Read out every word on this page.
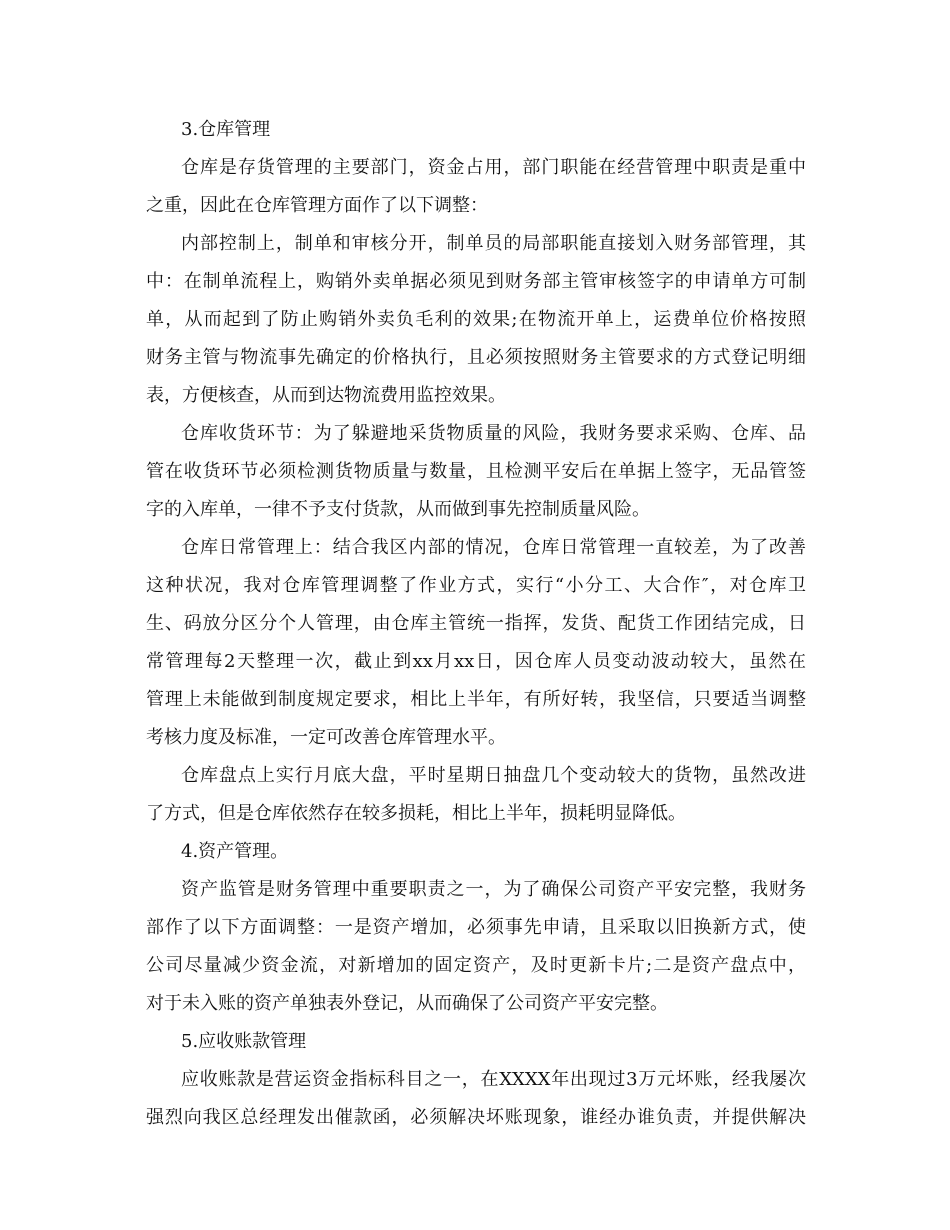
3.仓库管理
仓库是存货管理的主要部门，资金占用，部门职能在经营管理中职责是重中
之重，因此在仓库管理方面作了以下调整：
内部控制上，制单和审核分开，制单员的局部职能直接划入财务部管理，其
中：在制单流程上，购销外卖单据必须见到财务部主管审核签字的申请单方可制
单，从而起到了防止购销外卖负毛利的效果;在物流开单上，运费单位价格按照
财务主管与物流事先确定的价格执行，且必须按照财务主管要求的方式登记明细
表，方便核查，从而到达物流费用监控效果。
仓库收货环节：为了躲避地采货物质量的风险，我财务要求采购、仓库、品
管在收货环节必须检测货物质量与数量，且检测平安后在单据上签字，无品管签
字的入库单，一律不予支付货款，从而做到事先控制质量风险。
仓库日常管理上：结合我区内部的情况，仓库日常管理一直较差，为了改善
这种状况，我对仓库管理调整了作业方式，实行“小分工、大合作″，对仓库卫
生、码放分区分个人管理，由仓库主管统一指挥，发货、配货工作团结完成，日
常管理每2天整理一次，截止到xx月xx日，因仓库人员变动波动较大，虽然在
管理上未能做到制度规定要求，相比上半年，有所好转，我坚信，只要适当调整
考核力度及标准，一定可改善仓库管理水平。
仓库盘点上实行月底大盘，平时星期日抽盘几个变动较大的货物，虽然改进
了方式，但是仓库依然存在较多损耗，相比上半年，损耗明显降低。
4.资产管理。
资产监管是财务管理中重要职责之一，为了确保公司资产平安完整，我财务
部作了以下方面调整：一是资产增加，必须事先申请，且采取以旧换新方式，使
公司尽量减少资金流，对新增加的固定资产，及时更新卡片;二是资产盘点中，
对于未入账的资产单独表外登记，从而确保了公司资产平安完整。
5.应收账款管理
应收账款是营运资金指标科目之一，在XXXX年出现过3万元坏账，经我屡次
强烈向我区总经理发出催款函，必须解决坏账现象，谁经办谁负责，并提供解决
